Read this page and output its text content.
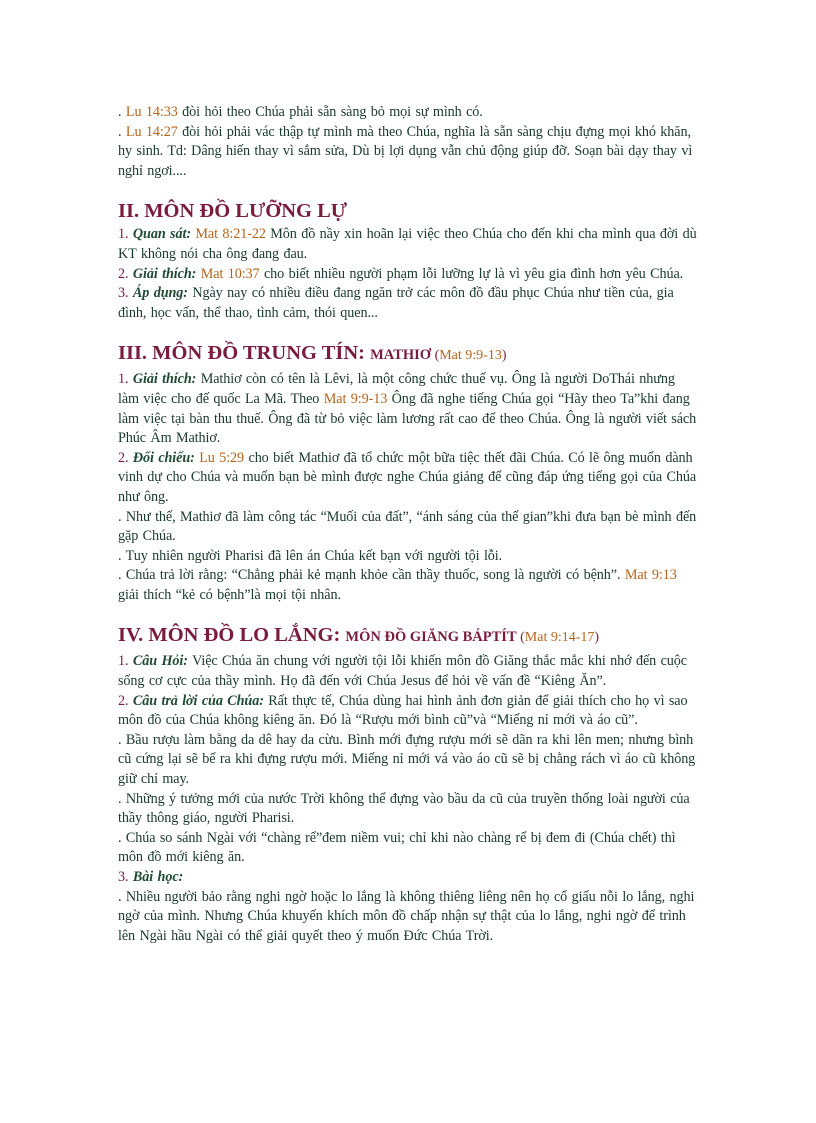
. Lu 14:33 đòi hỏi theo Chúa phải sẵn sàng bỏ mọi sự mình có.

. Lu 14:27 đòi hỏi phải vác thập tự mình mà theo Chúa, nghĩa là sẵn sàng chịu đựng mọi khó khăn, hy sinh. Td: Dâng hiến thay vì sắm sửa, Dù bị lợi dụng vẫn chủ động giúp đỡ. Soạn bài dạy thay vì nghỉ ngơi....

II. MÔN ĐỒ LƯỠNG LỰ

1. Quan sát: Mat 8:21-22 Môn đồ nầy xin hoãn lại việc theo Chúa cho đến khi cha mình qua đời dù KT không nói cha ông đang đau.

2. Giải thích: Mat 10:37 cho biết nhiều người phạm lỗi lưỡng lự là vì yêu gia đình hơn yêu Chúa.

3. Áp dụng: Ngày nay có nhiều điều đang ngăn trở các môn đồ đầu phục Chúa như tiền của, gia đình, học vấn, thể thao, tình cảm, thói quen...

III. MÔN ĐỒ TRUNG TÍN: MATHIƠ (Mat 9:9-13)

1. Giải thích: Mathiơ còn có tên là Lêvi, là một công chức thuế vụ. Ông là người DoThái nhưng làm việc cho đế quốc La Mã. Theo Mat 9:9-13 Ông đã nghe tiếng Chúa gọi “Hãy theo Ta”khi đang làm việc tại bàn thu thuế. Ông đã từ bỏ việc làm lương rất cao để theo Chúa. Ông là người viết sách Phúc Âm Mathiơ.

2. Đối chiếu: Lu 5:29 cho biết Mathiơ đã tổ chức một bữa tiệc thết đãi Chúa. Có lẽ ông muốn dành vinh dự cho Chúa và muốn bạn bè mình được nghe Chúa giảng để cũng đáp ứng tiếng gọi của Chúa như ông.

. Như thế, Mathiơ đã làm công tác “Muối của đất”, “ánh sáng của thế gian”khi đưa bạn bè mình đến gặp Chúa.

. Tuy nhiên người Pharisi đã lên án Chúa kết bạn với người tội lỗi.

. Chúa trả lời rằng: “Chẳng phải kẻ mạnh khỏe cần thầy thuốc, song là người có bệnh”. Mat 9:13 giải thích “kẻ có bệnh”là mọi tội nhân.

IV. MÔN ĐỒ LO LẮNG: MÔN ĐỒ GIĂNG BÁPTÍT (Mat 9:14-17)

1. Câu Hỏi: Việc Chúa ăn chung với người tội lỗi khiến môn đồ Giăng thắc mắc khi nhớ đến cuộc sống cơ cực của thầy mình. Họ đã đến với Chúa Jesus để hỏi về vấn đề “Kiêng Ăn”.

2. Câu trả lời của Chúa: Rất thực tế, Chúa dùng hai hình ảnh đơn giản để giải thích cho họ vì sao môn đồ của Chúa không kiêng ăn. Đó là “Rượu mới bình cũ”và “Miếng nỉ mới và áo cũ”.

. Bầu rượu làm bằng da dê hay da cừu. Bình mới đựng rượu mới sẽ dãn ra khi lên men; nhưng bình cũ cứng lại sẽ bể ra khi đựng rượu mới. Miếng nỉ mới vá vào áo cũ sẽ bị chằng rách vì áo cũ không giữ chỉ may.

. Những ý tưởng mới của nước Trời không thể đựng vào bầu da cũ của truyền thống loài người của thầy thông giáo, người Pharisi.

. Chúa so sánh Ngài với “chàng rể”đem niềm vui; chỉ khi nào chàng rể bị đem đi (Chúa chết) thì môn đồ mới kiêng ăn.

3. Bài học:

. Nhiều người bảo rằng nghi ngờ hoặc lo lắng là không thiêng liêng nên họ cố giấu nỗi lo lắng, nghi ngờ của mình. Nhưng Chúa khuyến khích môn đồ chấp nhận sự thật của lo lắng, nghi ngờ để trình lên Ngài hầu Ngài có thể giải quyết theo ý muốn Đức Chúa Trời.
